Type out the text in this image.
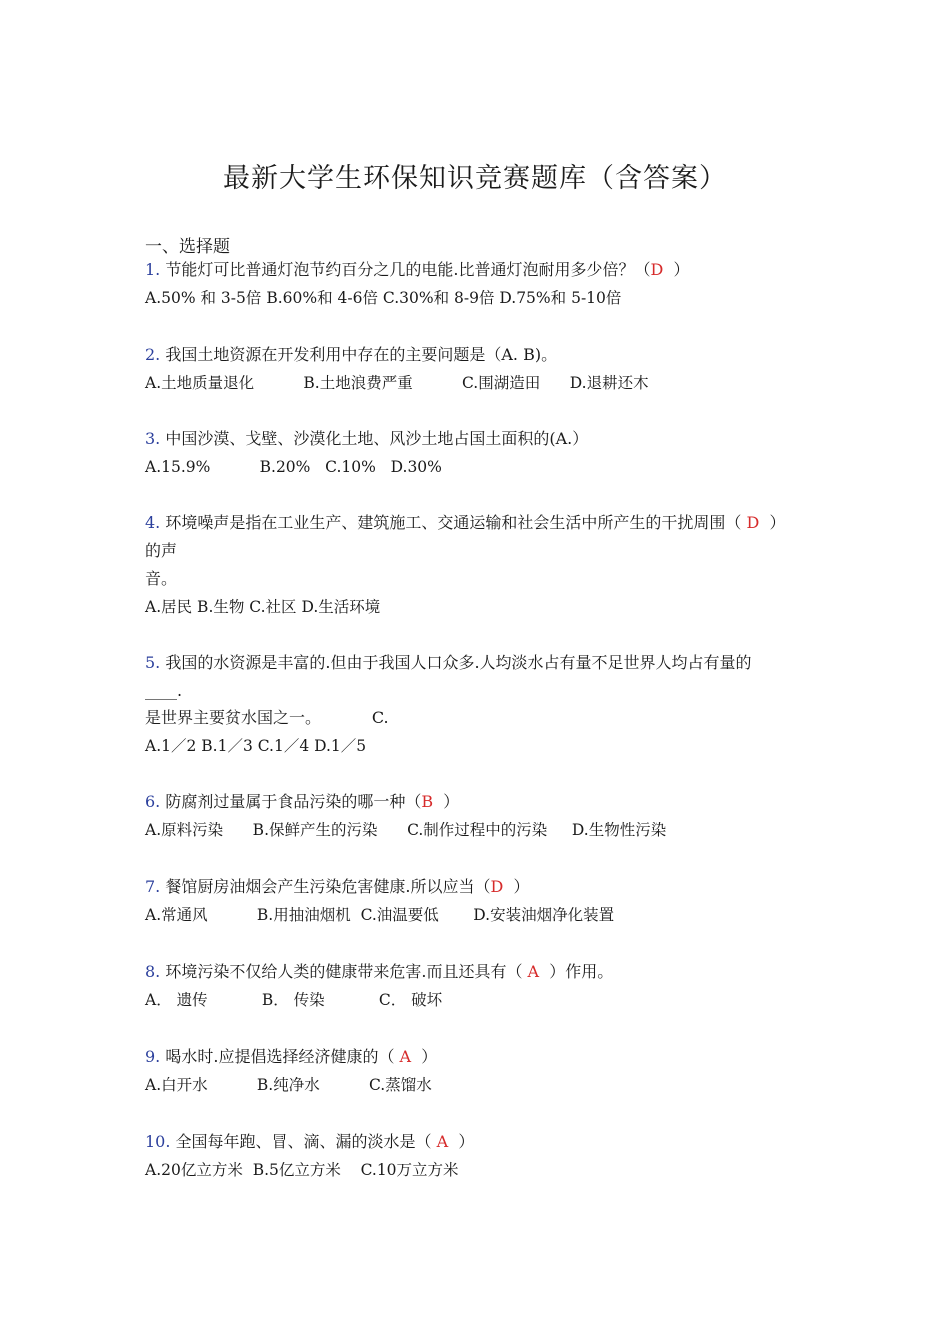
最新大学生环保知识竞赛题库（含答案）
一、选择题
1. 节能灯可比普通灯泡节约百分之几的电能.比普通灯泡耐用多少倍？（D  ）
A.50% 和 3-5倍 B.60%和 4-6倍 C.30%和 8-9倍 D.75%和 5-10倍
2. 我国土地资源在开发利用中存在的主要问题是（A. B)。
A.土地质量退化          B.土地浪费严重          C.围湖造田      D.退耕还木
3. 中国沙漠、戈壁、沙漠化土地、风沙土地占国土面积的(A.）
A.15.9%          B.20%   C.10%   D.30%
4. 环境噪声是指在工业生产、建筑施工、交通运输和社会生活中所产生的干扰周围（ D  ）
的声
音。
A.居民 B.生物 C.社区 D.生活环境
5. 我国的水资源是丰富的.但由于我国人口众多.人均淡水占有量不足世界人均占有量的
____.
是世界主要贫水国之一。          C.
A.1／2 B.1／3 C.1／4 D.1／5
6. 防腐剂过量属于食品污染的哪一种（B  ）
A.原料污染      B.保鲜产生的污染      C.制作过程中的污染     D.生物性污染
7. 餐馆厨房油烟会产生污染危害健康.所以应当（D  ）
A.常通风          B.用抽油烟机  C.油温要低       D.安装油烟净化装置
8. 环境污染不仅给人类的健康带来危害.而且还具有（ A  ）作用。
A． 遗传           B． 传染           C． 破坏
9. 喝水时.应提倡选择经济健康的（ A  ）
A.白开水          B.纯净水          C.蒸馏水
10. 全国每年跑、冒、滴、漏的淡水是（ A  ）
A.20亿立方米  B.5亿立方米    C.10万立方米
